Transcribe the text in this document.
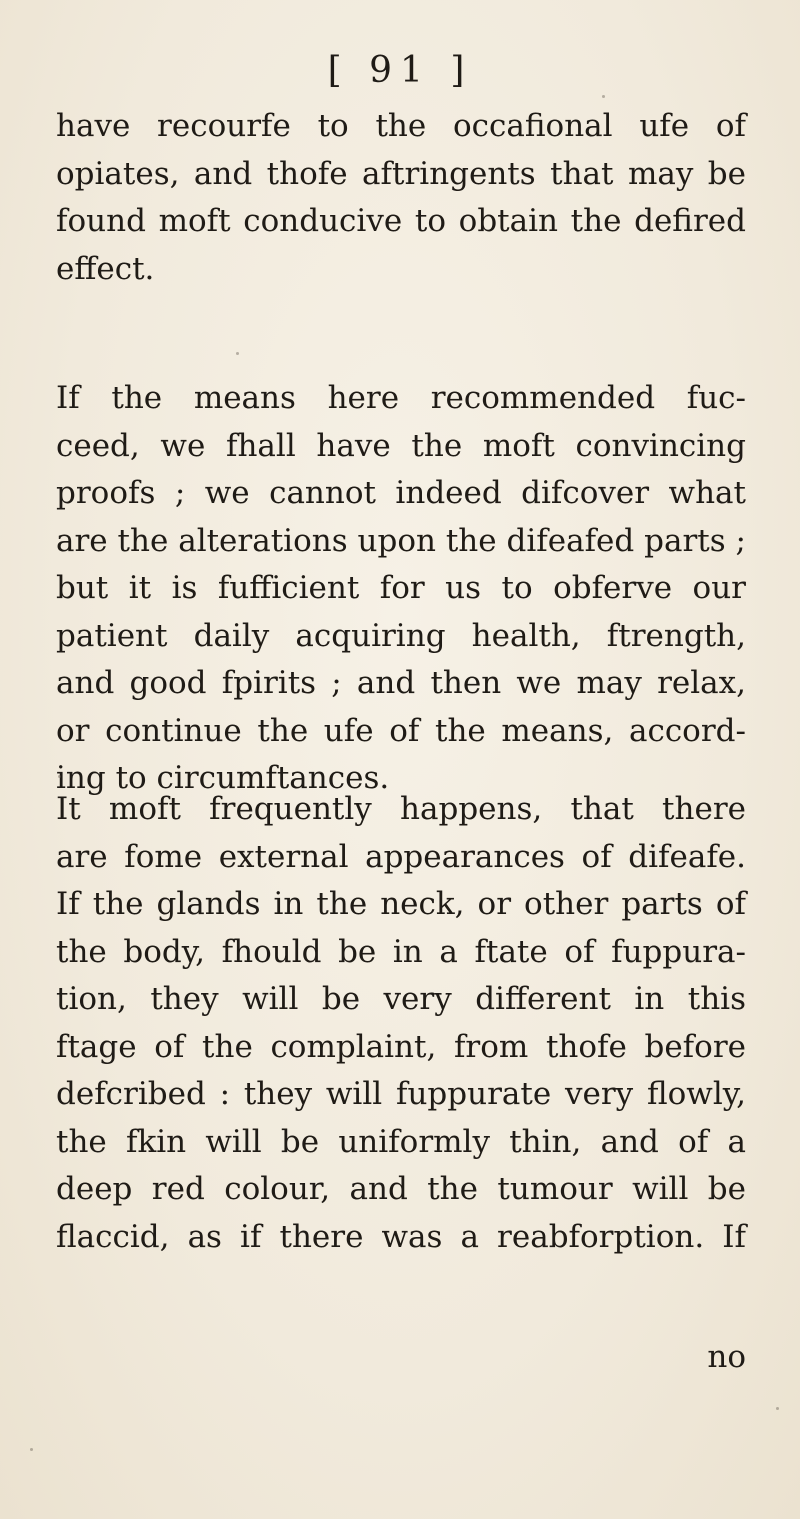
[ 91 ]
have recourfe to the occafional ufe of
opiates, and thofe aftringents that may be
found moft conducive to obtain the defired
effect.
If the means here recommended fuc-
ceed, we fhall have the moft convincing
proofs ; we cannot indeed difcover what
are the alterations upon the difeafed parts ;
but it is fufficient for us to obferve our
patient daily acquiring health, ftrength,
and good fpirits ; and then we may relax,
or continue the ufe of the means, accord-
ing to circumftances.
It moft frequently happens, that there
are fome external appearances of difeafe.
If the glands in the neck, or other parts of
the body, fhould be in a ftate of fuppura-
tion, they will be very different in this
ftage of the complaint, from thofe before
defcribed : they will fuppurate very flowly,
the fkin will be uniformly thin, and of a
deep red colour, and the tumour will be
flaccid, as if there was a reabforption. If
no
